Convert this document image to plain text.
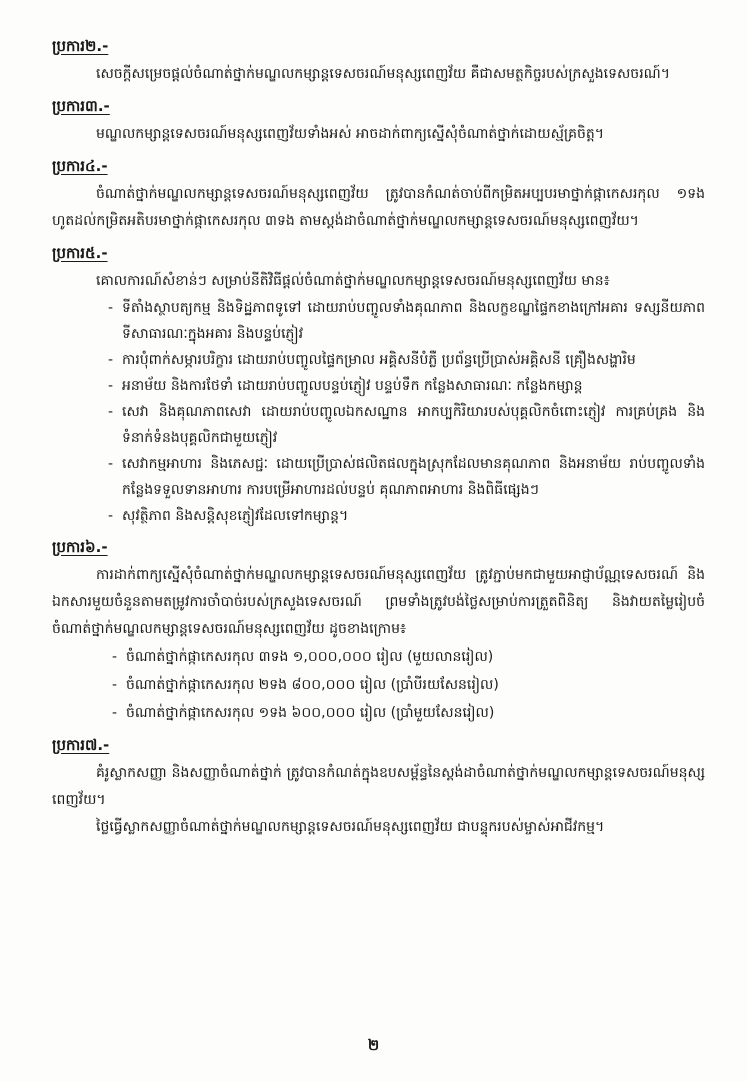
ប្រការ២.-

សេចក្ដីសម្រេចផ្ដល់ចំណាត់ថ្នាក់មណ្ឌលកម្សាន្តទេសចរណ៍មនុស្សពេញវ័យ គឺជាសមត្ថកិច្ចរបស់ក្រសួងទេសចរណ៍។

ប្រការ៣.-

មណ្ឌលកម្សាន្តទេសចរណ៍មនុស្សពេញវ័យទាំងអស់ អាចដាក់ពាក្យស្នើសុំចំណាត់ថ្នាក់ដោយស្ម័គ្រចិត្ត។

ប្រការ៤.-

ចំណាត់ថ្នាក់មណ្ឌលកម្សាន្តទេសចរណ៍មនុស្សពេញវ័យ ត្រូវបានកំណត់ចាប់ពីកម្រិតអប្បបរមាថ្នាក់ផ្កាកេសរកុល ១ទង ហូតដល់កម្រិតអតិបរមាថ្នាក់ផ្កាកេសរកុល ៣ទង តាមស្ដង់ដាចំណាត់ថ្នាក់មណ្ឌលកម្សាន្តទេសចរណ៍មនុស្សពេញវ័យ។

ប្រការ៥.-

គោលការណ៍សំខាន់ៗ សម្រាប់នីតិវិធីផ្ដល់ចំណាត់ថ្នាក់មណ្ឌលកម្សាន្តទេសចរណ៍មនុស្សពេញវ័យ មាន៖

- ទីតាំងស្ថាបត្យកម្ម និងទិដ្ឋភាពទូទៅ ដោយរាប់បញ្ចូលទាំងគុណភាព និងលក្ខខណ្ឌផ្ទៃកខាងក្រៅអគារ ទស្សនីយភាព ទីសាធារណៈក្នុងអគារ និងបន្ទប់ភ្ញៀវ
- ការប៉ំពាក់សម្ភារបរិក្ខារ ដោយរាប់បញ្ចូលផ្ទៃកម្រាល អគ្គិសនីបំភ្លឺ ប្រព័ន្ធប្រើប្រាស់អគ្គិសនី គ្រឿងសង្ហារិម
- អនាម័យ និងការថែទាំ ដោយរាប់បញ្ចូលបន្ទប់ភ្ញៀវ បន្ទប់ទឹក កន្លែងសាធារណៈ កន្លែងកម្សាន្ត
- សេវា និងគុណភាពសេវា ដោយរាប់បញ្ចូលឯកសណ្ឋាន អាកប្បកិរិយារបស់បុគ្គលិកចំពោះភ្ញៀវ ការគ្រប់គ្រង និងទំនាក់ទំនងបុគ្គលិកជាមួយភ្ញៀវ
- សេវាកម្មអាហារ និងភេសជ្ជៈ ដោយប្រើប្រាស់ផលិតផលក្នុងស្រុកដែលមានគុណភាព និងអនាម័យ រាប់បញ្ចូលទាំងកន្លែងទទួលទានអាហារ ការបម្រើអាហារដល់បន្ទប់ គុណភាពអាហារ និងពិធីផ្សេងៗ
- សុវត្ថិភាព និងសន្តិសុខភ្ញៀវដែលទៅកម្សាន្ត។
ប្រការ៦.-

ការដាក់ពាក្យស្នើសុំចំណាត់ថ្នាក់មណ្ឌលកម្សាន្តទេសចរណ៍មនុស្សពេញវ័យ ត្រូវភ្ជាប់មកជាមួយអាជ្ញាប័ណ្ណទេសចរណ៍ និងឯកសារមួយចំនួនតាមតម្រូវការចាំបាច់របស់ក្រសួងទេសចរណ៍ ព្រមទាំងត្រូវបង់ថ្លៃសម្រាប់ការត្រួតពិនិត្យ និងវាយតម្លៃរៀបចំចំណាត់ថ្នាក់មណ្ឌលកម្សាន្តទេសចរណ៍មនុស្សពេញវ័យ ដូចខាងក្រោម៖

- ចំណាត់ថ្នាក់ផ្កាកេសរកុល ៣ទង ១,០០០,០០០ រៀល (មួយលានរៀល)
- ចំណាត់ថ្នាក់ផ្កាកេសរកុល ២ទង ៨០០,០០០ រៀល (ប្រាំបីរយសែនរៀល)
- ចំណាត់ថ្នាក់ផ្កាកេសរកុល ១ទង ៦០០,០០០ រៀល (ប្រាំមួយសែនរៀល)
ប្រការ៧.-

គំរូស្លាកសញ្ញា និងសញ្ញាចំណាត់ថ្នាក់ ត្រូវបានកំណត់ក្នុងឧបសម្ព័ន្ធនៃស្ដង់ដាចំណាត់ថ្នាក់មណ្ឌលកម្សាន្តទេសចរណ៍មនុស្សពេញវ័យ។

ថ្លៃធ្វើស្លាកសញ្ញាចំណាត់ថ្នាក់មណ្ឌលកម្សាន្តទេសចរណ៍មនុស្សពេញវ័យ ជាបន្ទុករបស់ម្ចាស់អាជីវកម្ម។

២
